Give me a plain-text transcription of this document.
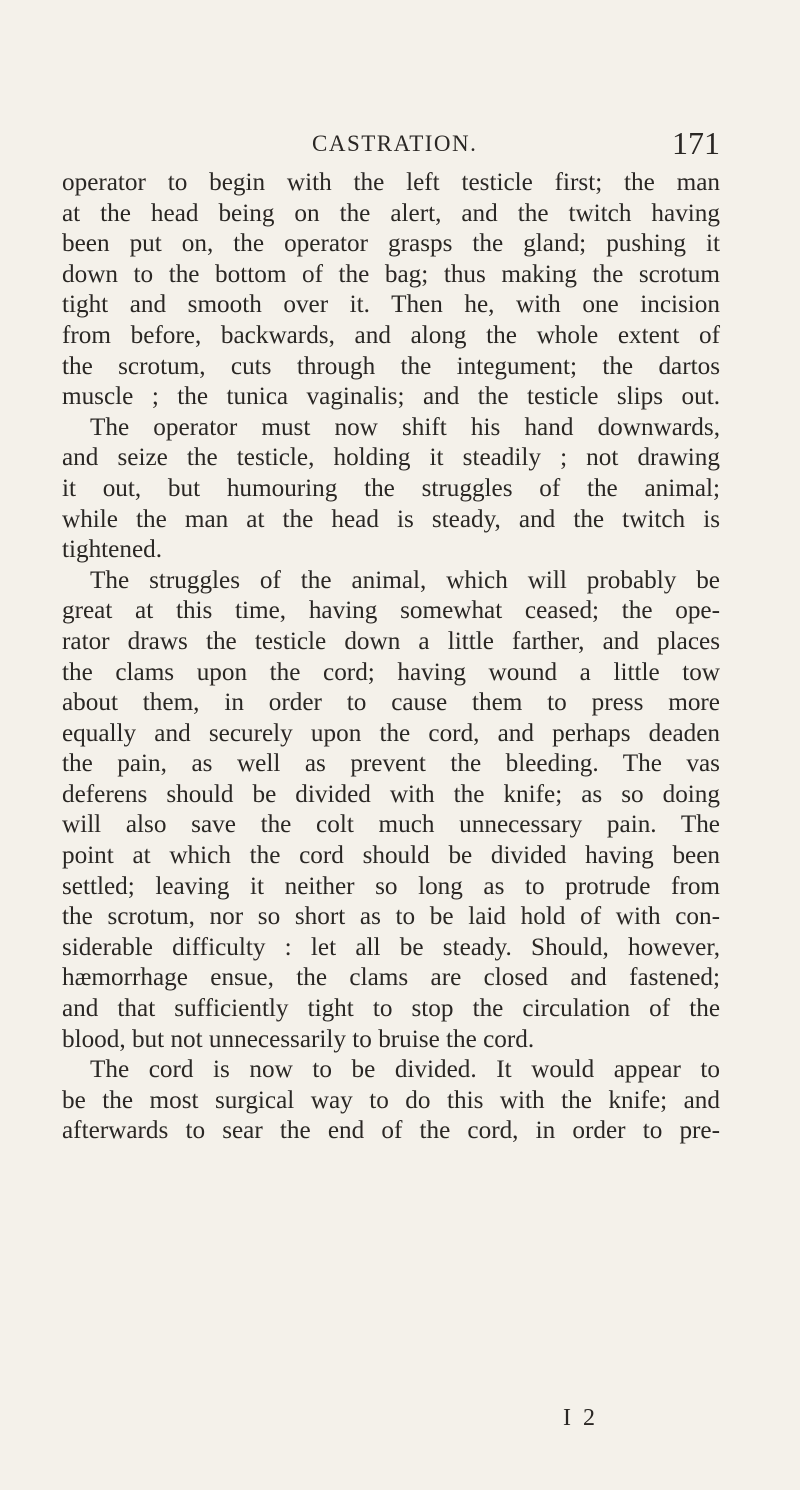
CASTRATION.	171
operator to begin with the left testicle first; the man
at the head being on the alert, and the twitch having
been put on, the operator grasps the gland; pushing it
down to the bottom of the bag; thus making the scrotum
tight and smooth over it. Then he, with one incision
from before, backwards, and along the whole extent of
the scrotum, cuts through the integument; the dartos
muscle ; the tunica vaginalis; and the testicle slips out.
The operator must now shift his hand downwards,
and seize the testicle, holding it steadily ; not drawing
it out, but humouring the struggles of the animal;
while the man at the head is steady, and the twitch is
tightened.
The struggles of the animal, which will probably be
great at this time, having somewhat ceased; the ope-
rator draws the testicle down a little farther, and places
the clams upon the cord; having wound a little tow
about them, in order to cause them to press more
equally and securely upon the cord, and perhaps deaden
the pain, as well as prevent the bleeding. The vas
deferens should be divided with the knife; as so doing
will also save the colt much unnecessary pain. The
point at which the cord should be divided having been
settled; leaving it neither so long as to protrude from
the scrotum, nor so short as to be laid hold of with con-
siderable difficulty : let all be steady. Should, however,
hæmorrhage ensue, the clams are closed and fastened;
and that sufficiently tight to stop the circulation of the
blood, but not unnecessarily to bruise the cord.
The cord is now to be divided. It would appear to
be the most surgical way to do this with the knife; and
afterwards to sear the end of the cord, in order to pre-
I 2
